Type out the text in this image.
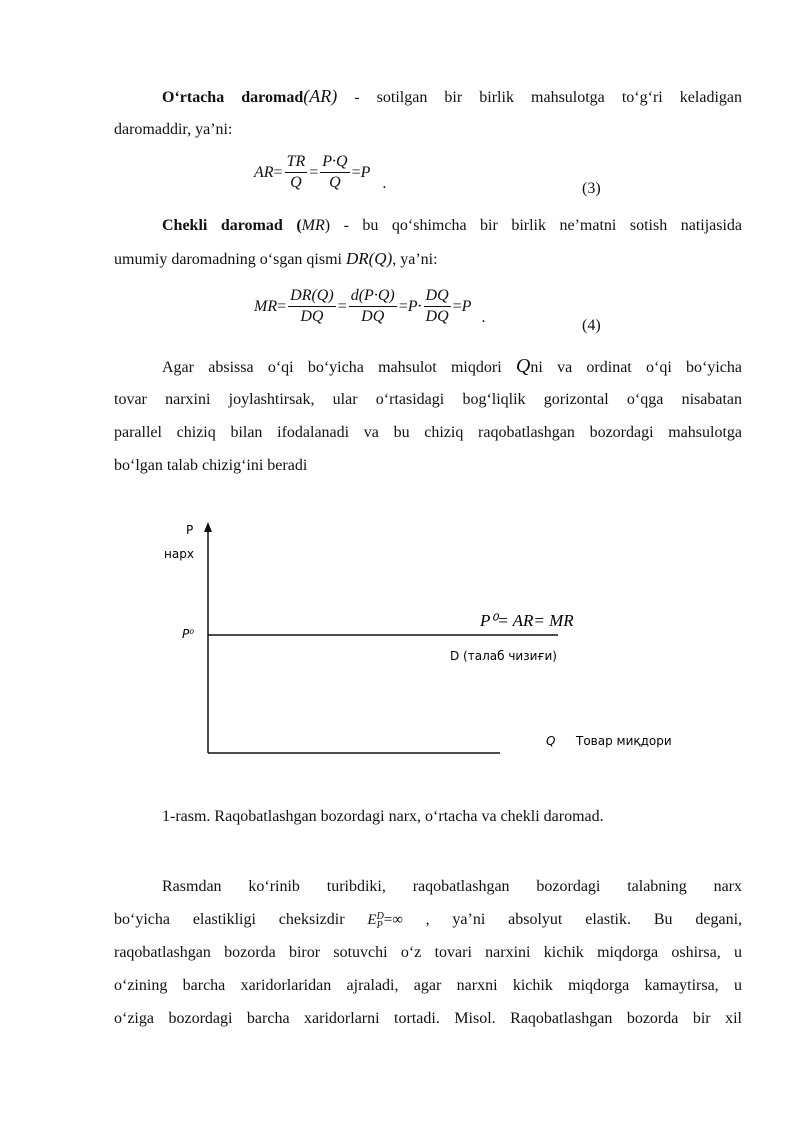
O‘rtacha daromad(AR) - sotilgan bir birlik mahsulotga to‘g‘ri keladigan
daromaddir, ya’ni:
AR = $\frac{TR}{Q} = \frac{P\cdot Q}{Q} = P$
.	(3)
Chekli daromad (MR) - bu qo‘shimcha bir birlik ne’matni sotish natijasida
umumiy daromadning o‘sgan qismi DR(Q), ya’ni:
MR = $\frac{DR(Q)}{DQ} = \frac{d(P\cdot Q)}{DQ} = P\cdot \frac{DQ}{DQ} = P$
.	(4)
Agar absissa o‘qi bo‘yicha mahsulot miqdori Qni va ordinat o‘qi bo‘yicha
tovar narxini joylashtirsak, ular o‘rtasidagi bog‘liqlik gorizontal o‘qga nisabatan
parallel chiziq bilan ifodalanadi va bu chiziq raqobatlashgan bozordagi mahsulotga
bo‘lgan talab chizig‘ini beradi
P
нарх
P⁰
P⁰= AR= MR
D (талаб чизиғи)
Q Товар миқдори
1-rasm. Raqobatlashgan bozordagi narx, o‘rtacha va chekli daromad.
Rasmdan ko‘rinib turibdiki, raqobatlashgan bozordagi talabning narx
bo‘yicha elastikligi cheksizdir E D
P =∞ , ya’ni absolyut elastik. Bu degani,
raqobatlashgan bozorda biror sotuvchi o‘z tovari narxini kichik miqdorga oshirsa, u
o‘zining barcha xaridorlaridan ajraladi, agar narxni kichik miqdorga kamaytirsa, u
o‘ziga bozordagi barcha xaridorlarni tortadi. Misol. Raqobatlashgan bozorda bir xil
